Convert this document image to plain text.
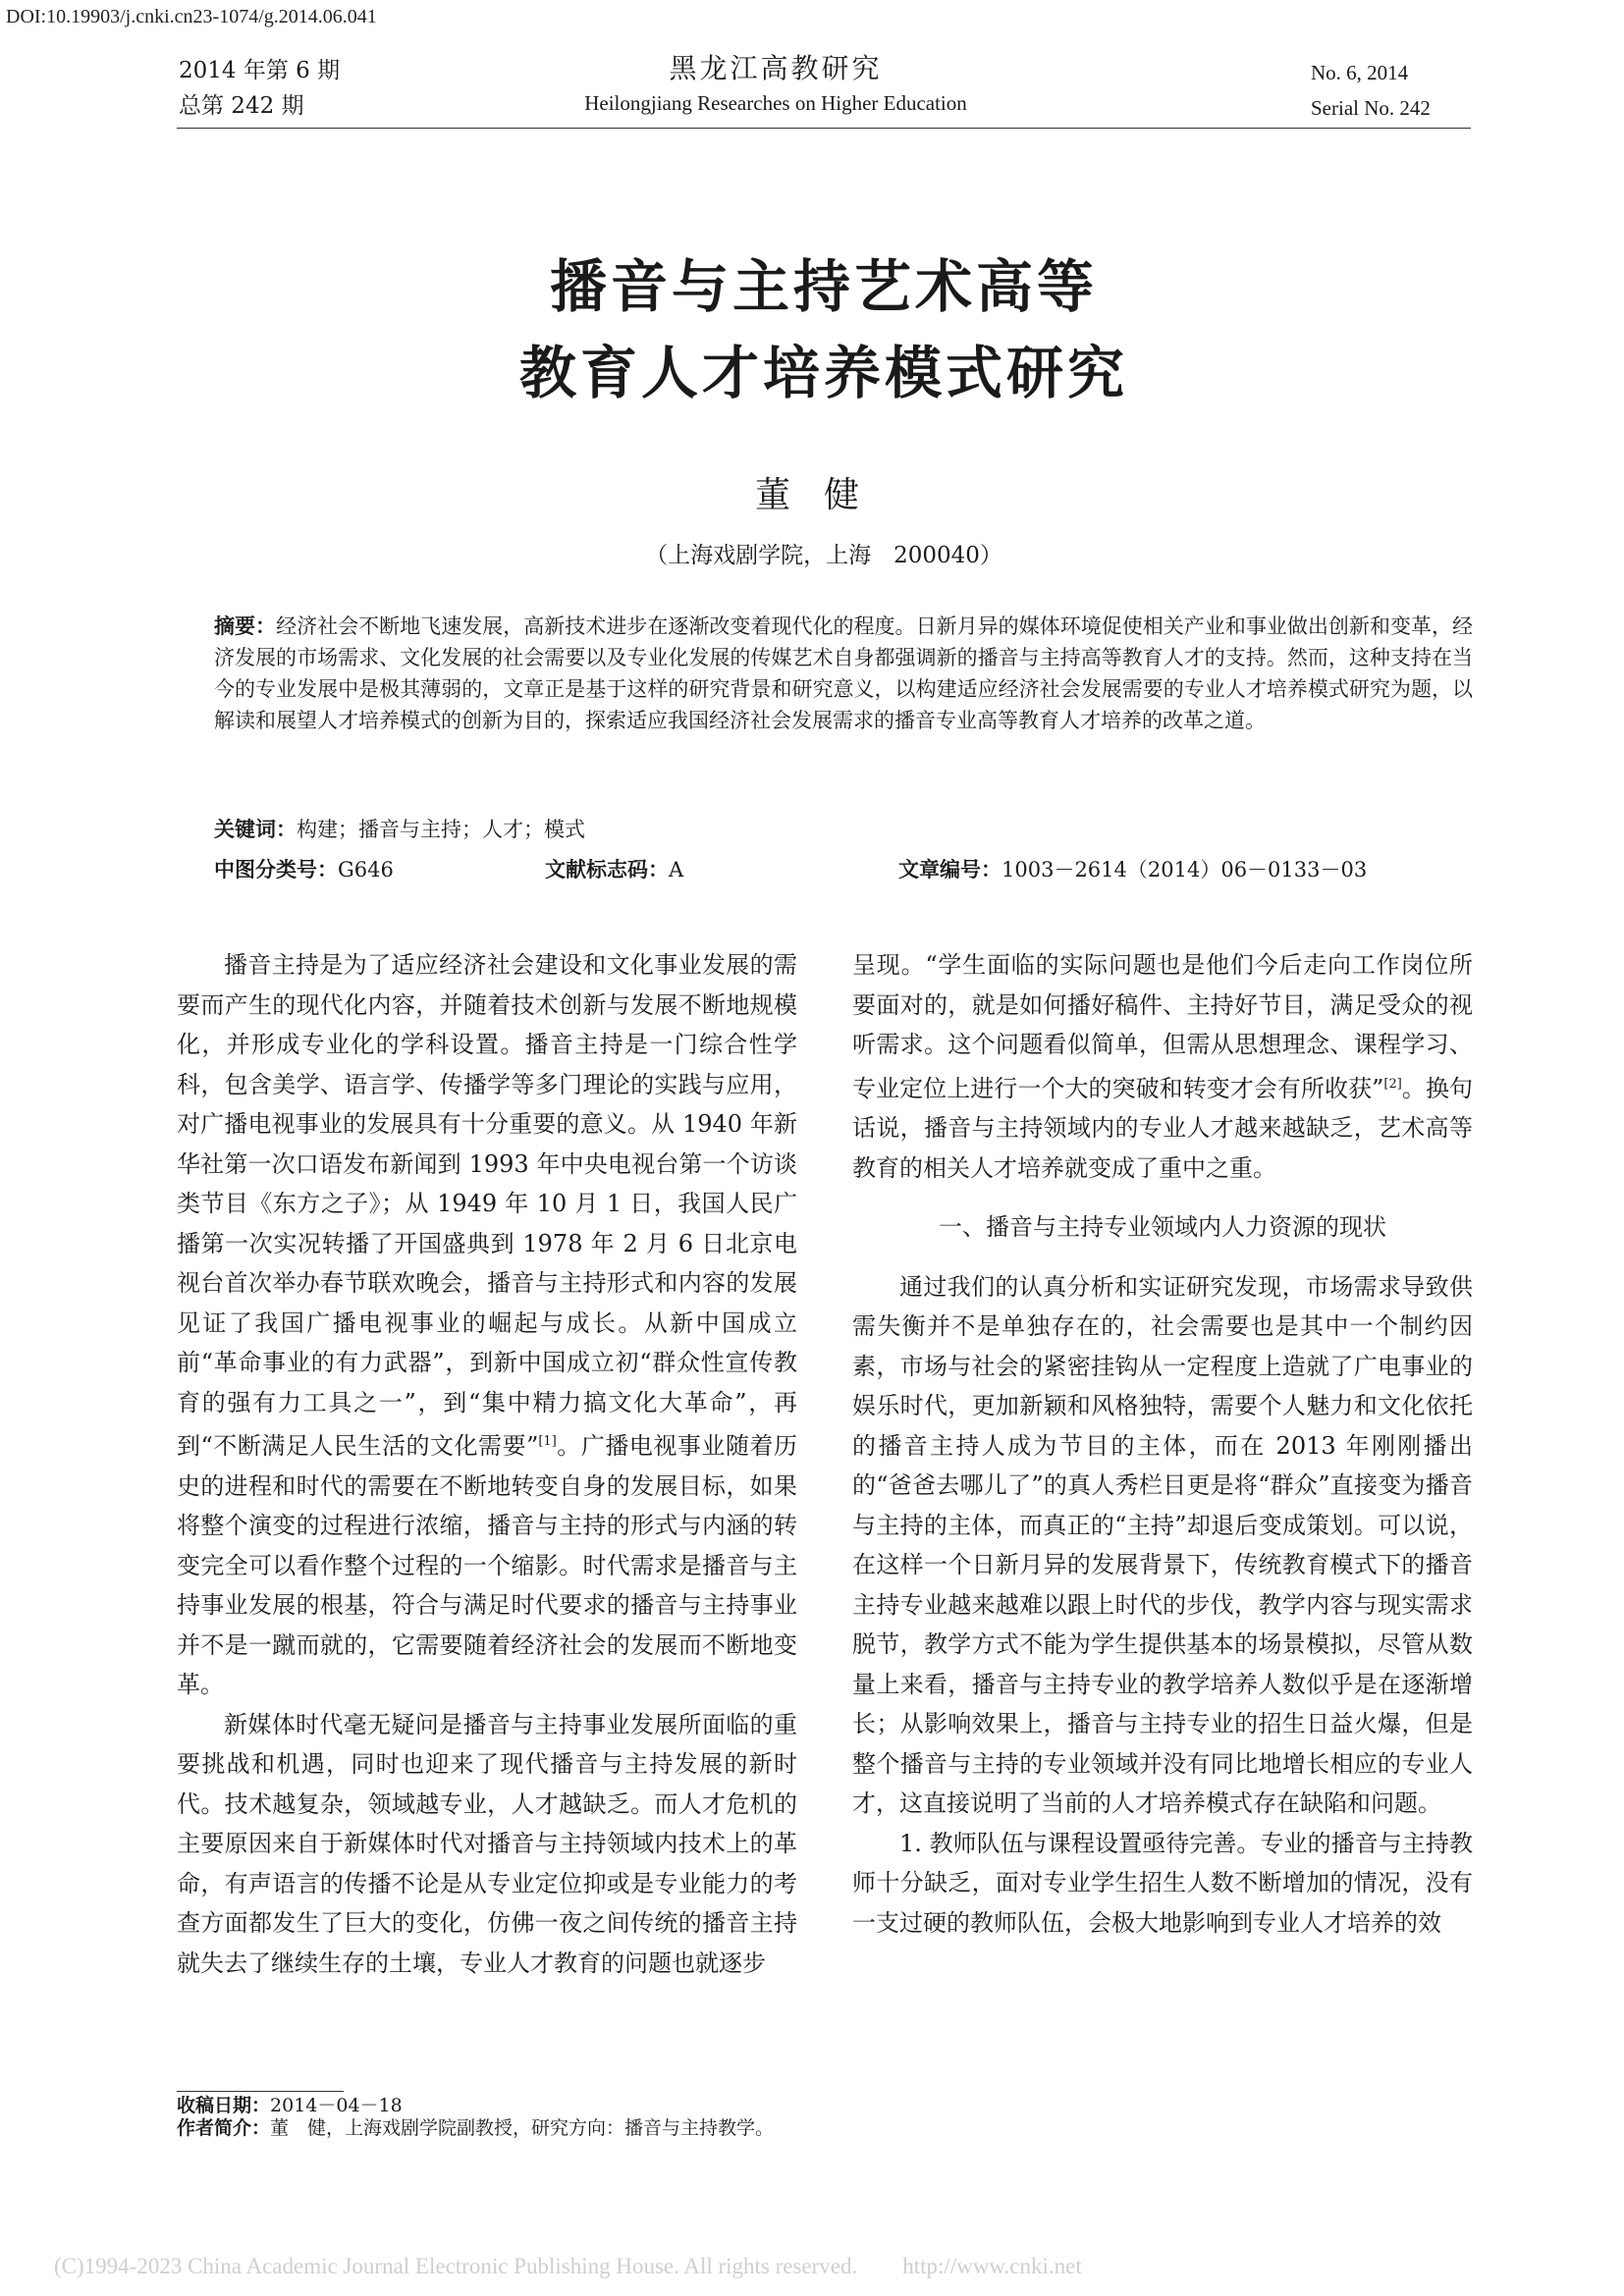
DOI:10.19903/j.cnki.cn23-1074/g.2014.06.041
2014 年第 6 期
总第 242 期
黑龙江高教研究
Heilongjiang Researches on Higher Education
No. 6, 2014
Serial No. 242
播音与主持艺术高等
教育人才培养模式研究
董健
（上海戏剧学院，上海　200040）
摘要：经济社会不断地飞速发展，高新技术进步在逐渐改变着现代化的程度。日新月异的媒体环境促使相关产业和事业做出创新和变革，经济发展的市场需求、文化发展的社会需要以及专业化发展的传媒艺术自身都强调新的播音与主持高等教育人才的支持。然而，这种支持在当今的专业发展中是极其薄弱的，文章正是基于这样的研究背景和研究意义，以构建适应经济社会发展需要的专业人才培养模式研究为题，以解读和展望人才培养模式的创新为目的，探索适应我国经济社会发展需求的播音专业高等教育人才培养的改革之道。
关键词：构建；播音与主持；人才；模式
中图分类号：G646	文献标志码：A	文章编号：1003－2614（2014）06－0133－03

播音主持是为了适应经济社会建设和文化事业发展的需要而产生的现代化内容，并随着技术创新与发展不断地规模化，并形成专业化的学科设置。播音主持是一门综合性学科，包含美学、语言学、传播学等多门理论的实践与应用，对广播电视事业的发展具有十分重要的意义。从 1940 年新华社第一次口语发布新闻到 1993 年中央电视台第一个访谈类节目《东方之子》；从 1949 年 10 月 1 日，我国人民广播第一次实况转播了开国盛典到 1978 年 2 月 6 日北京电视台首次举办春节联欢晚会，播音与主持形式和内容的发展见证了我国广播电视事业的崛起与成长。从新中国成立前“革命事业的有力武器”，到新中国成立初“群众性宣传教育的强有力工具之一”，到“集中精力搞文化大革命”，再到“不断满足人民生活的文化需要”[1]。广播电视事业随着历史的进程和时代的需要在不断地转变自身的发展目标，如果将整个演变的过程进行浓缩，播音与主持的形式与内涵的转变完全可以看作整个过程的一个缩影。时代需求是播音与主持事业发展的根基，符合与满足时代要求的播音与主持事业并不是一蹴而就的，它需要随着经济社会的发展而不断地变革。

新媒体时代毫无疑问是播音与主持事业发展所面临的重要挑战和机遇，同时也迎来了现代播音与主持发展的新时代。技术越复杂，领域越专业，人才越缺乏。而人才危机的主要原因来自于新媒体时代对播音与主持领域内技术上的革命，有声语言的传播不论是从专业定位抑或是专业能力的考查方面都发生了巨大的变化，仿佛一夜之间传统的播音主持就失去了继续生存的土壤，专业人才教育的问题也就逐步

呈现。“学生面临的实际问题也是他们今后走向工作岗位所要面对的，就是如何播好稿件、主持好节目，满足受众的视听需求。这个问题看似简单，但需从思想理念、课程学习、专业定位上进行一个大的突破和转变才会有所收获”[2]。换句话说，播音与主持领域内的专业人才越来越缺乏，艺术高等教育的相关人才培养就变成了重中之重。

一、播音与主持专业领域内人力资源的现状

通过我们的认真分析和实证研究发现，市场需求导致供需失衡并不是单独存在的，社会需要也是其中一个制约因素，市场与社会的紧密挂钩从一定程度上造就了广电事业的娱乐时代，更加新颖和风格独特，需要个人魅力和文化依托的播音主持人成为节目的主体，而在 2013 年刚刚播出的“爸爸去哪儿了”的真人秀栏目更是将“群众”直接变为播音与主持的主体，而真正的“主持”却退后变成策划。可以说，在这样一个日新月异的发展背景下，传统教育模式下的播音主持专业越来越难以跟上时代的步伐，教学内容与现实需求脱节，教学方式不能为学生提供基本的场景模拟，尽管从数量上来看，播音与主持专业的教学培养人数似乎是在逐渐增长；从影响效果上，播音与主持专业的招生日益火爆，但是整个播音与主持的专业领域并没有同比地增长相应的专业人才，这直接说明了当前的人才培养模式存在缺陷和问题。

1. 教师队伍与课程设置亟待完善。专业的播音与主持教师十分缺乏，面对专业学生招生人数不断增加的情况，没有一支过硬的教师队伍，会极大地影响到专业人才培养的效

收稿日期：2014－04－18
作者简介：董　健，上海戏剧学院副教授，研究方向：播音与主持教学。
(C)1994-2023 China Academic Journal Electronic Publishing House. All rights reserved.　　http://www.cnki.net
